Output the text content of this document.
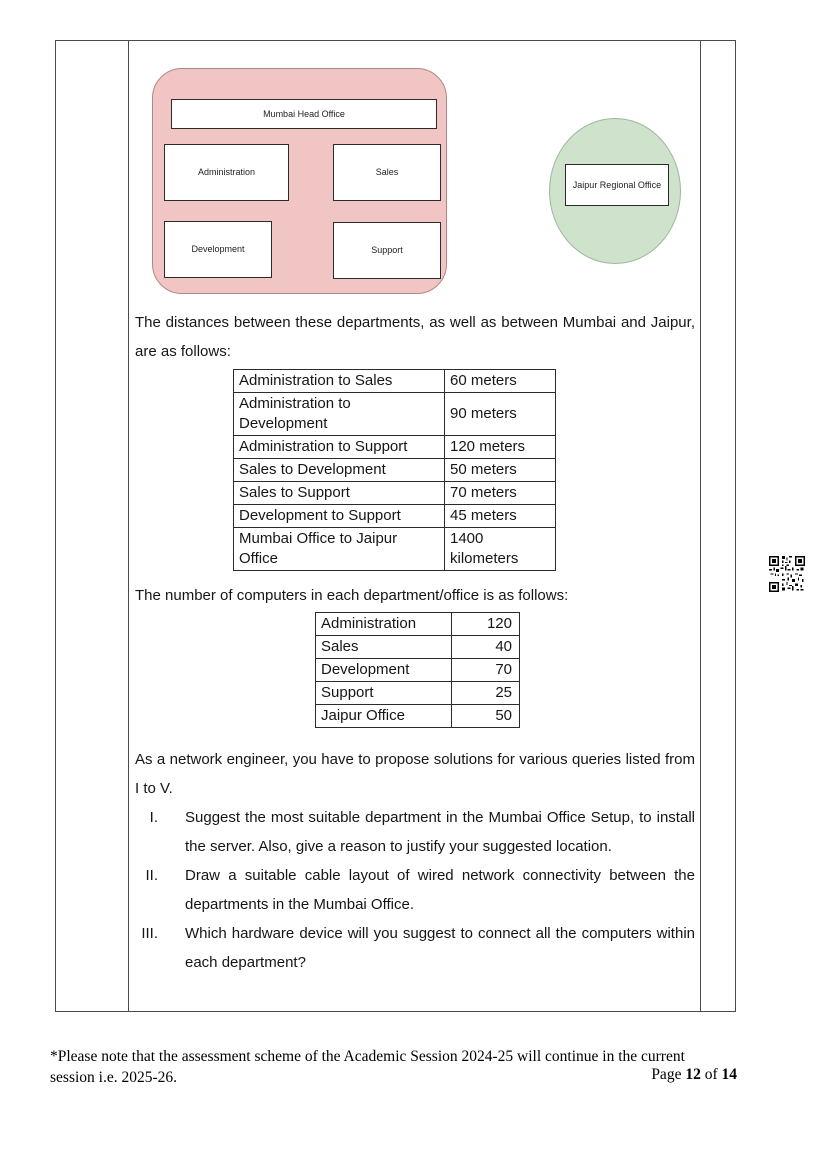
Mumbai Head Office
Administration	Sales
Development	Support
Jaipur Regional Office
The distances between these departments, as well as between Mumbai and Jaipur, are as follows:
Administration to Sales	60 meters
Administration to Development	90 meters
Administration to Support	120 meters
Sales to Development	50 meters
Sales to Support	70 meters
Development to Support	45 meters
Mumbai Office to Jaipur Office	1400 kilometers
The number of computers in each department/office is as follows:
Administration	120
Sales	40
Development	70
Support	25
Jaipur Office	50
As a network engineer, you have to propose solutions for various queries listed from I to V.
I. Suggest the most suitable department in the Mumbai Office Setup, to install the server. Also, give a reason to justify your suggested location.
II. Draw a suitable cable layout of wired network connectivity between the departments in the Mumbai Office.
III. Which hardware device will you suggest to connect all the computers within each department?
*Please note that the assessment scheme of the Academic Session 2024-25 will continue in the current
session i.e. 2025-26.	Page 12 of 14
